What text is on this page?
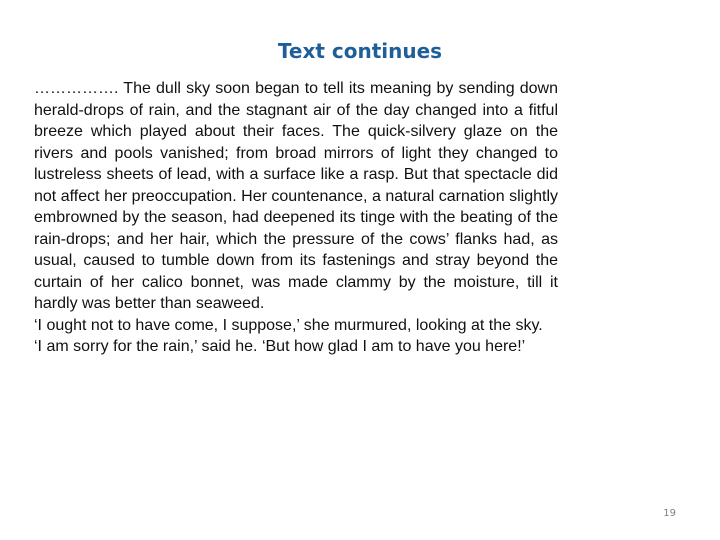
Text continues

……………. The dull sky soon began to tell its meaning by sending down herald-drops of rain, and the stagnant air of the day changed into a fitful breeze which played about their faces. The quick-silvery glaze on the rivers and pools vanished; from broad mirrors of light they changed to lustreless sheets of lead, with a surface like a rasp. But that spectacle did not affect her preoccupation. Her countenance, a natural carnation slightly embrowned by the season, had deepened its tinge with the beating of the rain-drops; and her hair, which the pressure of the cows’ flanks had, as usual, caused to tumble down from its fastenings and stray beyond the curtain of her calico bonnet, was made clammy by the moisture, till it hardly was better than seaweed.

‘I ought not to have come, I suppose,’ she murmured, looking at the sky.

‘I am sorry for the rain,’ said he. ‘But how glad I am to have you here!’

19
